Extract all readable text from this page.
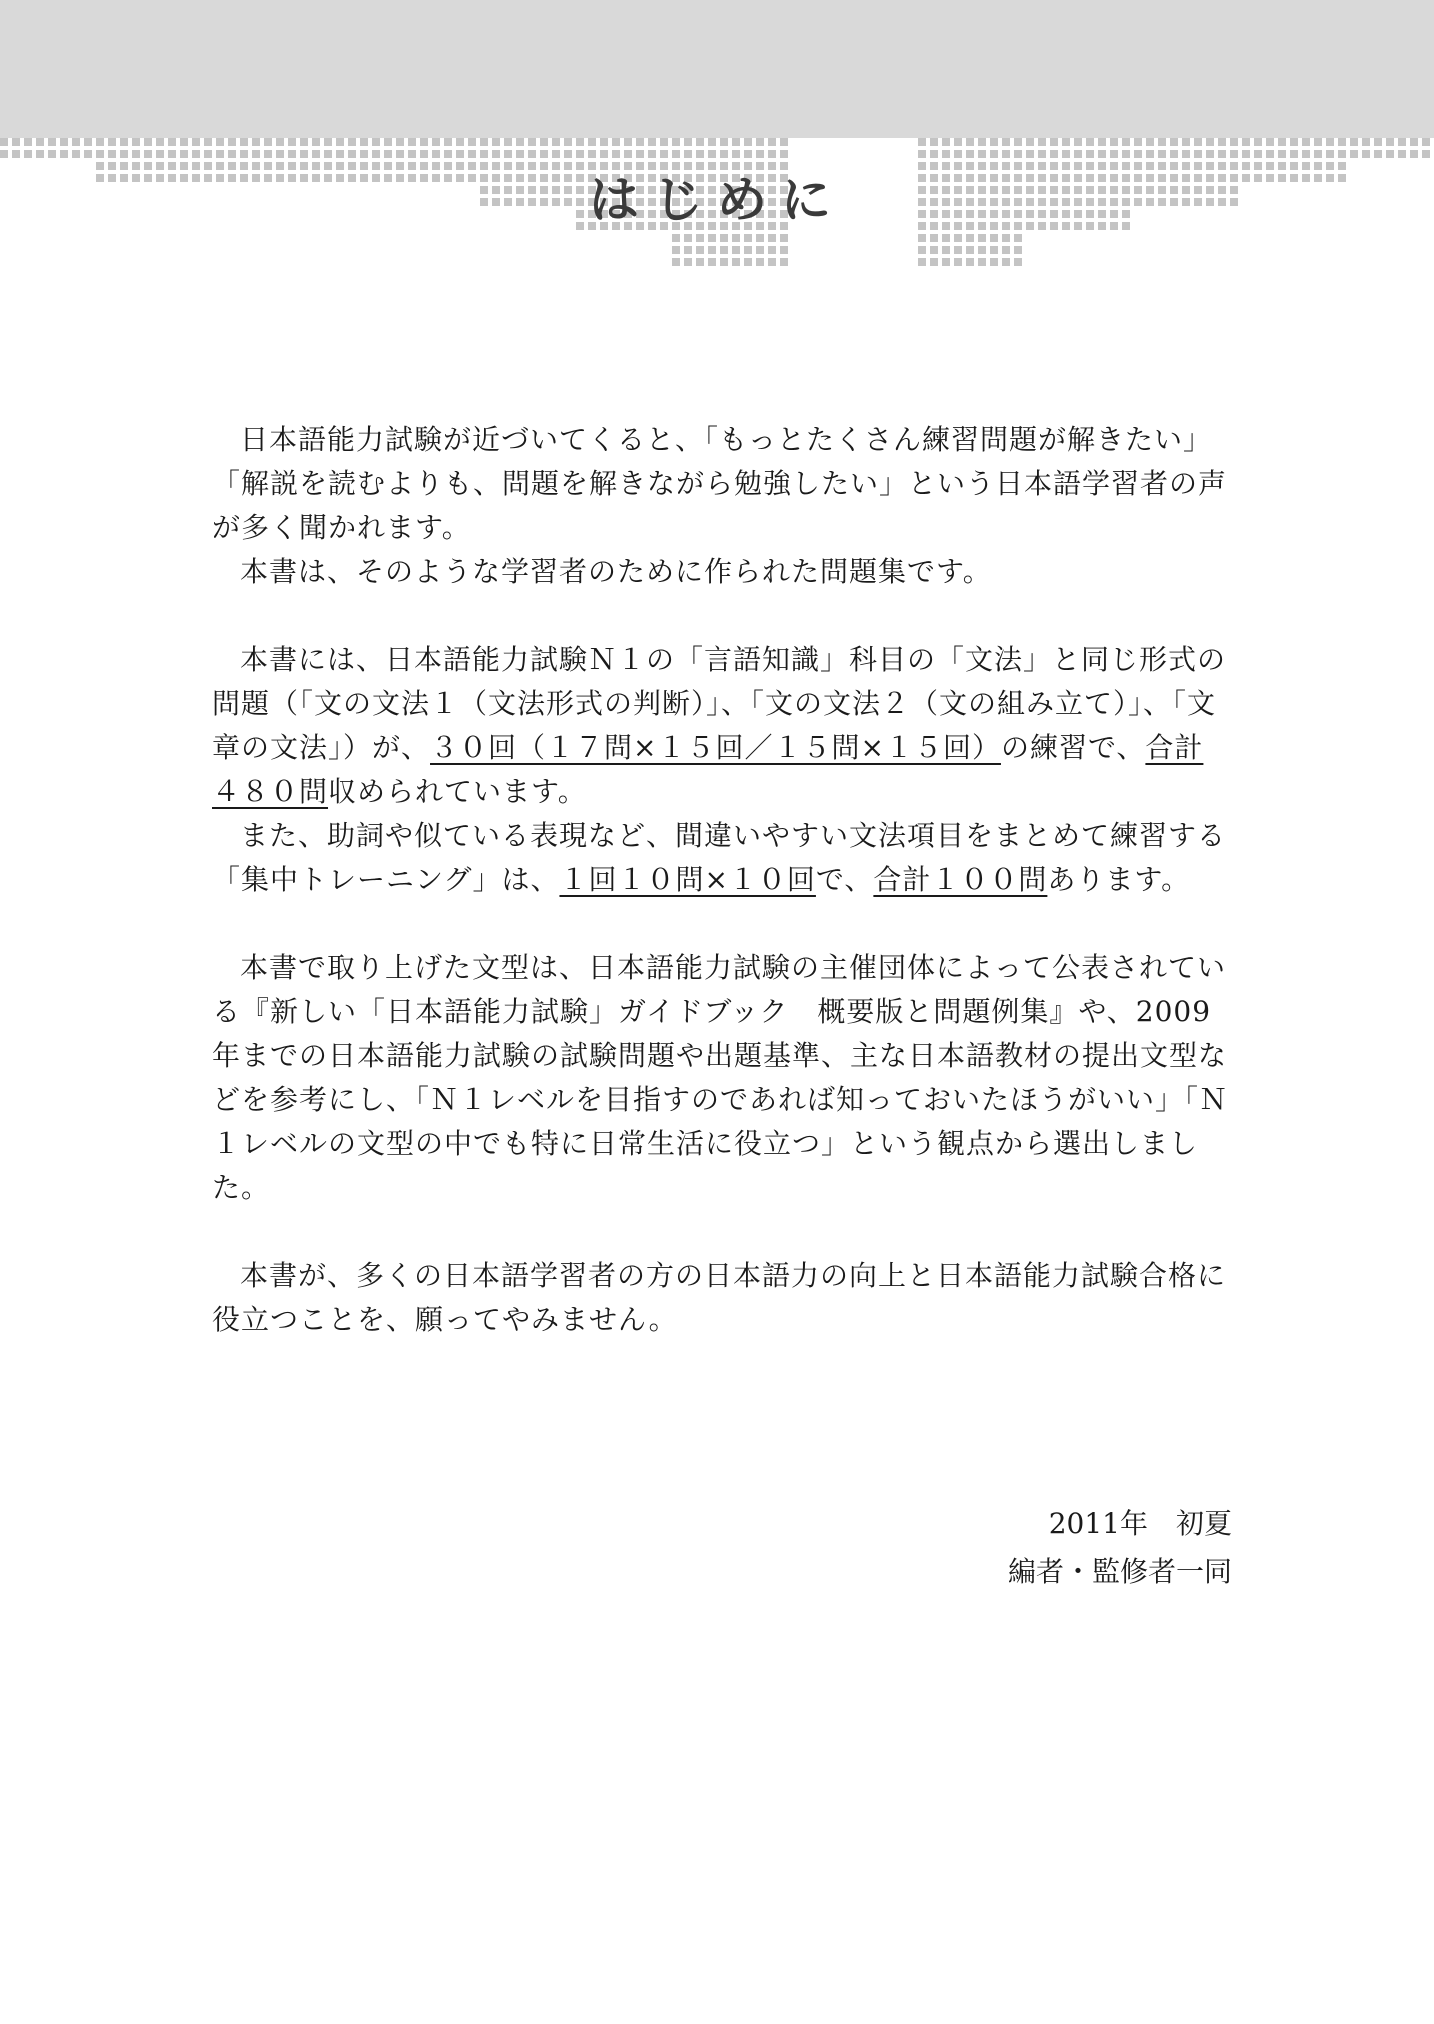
はじめに

日本語能力試験が近づいてくると、「もっとたくさん練習問題が解きたい」「解説を読むよりも、問題を解きながら勉強したい」という日本語学習者の声が多く聞かれます。

本書は、そのような学習者のために作られた問題集です。

本書には、日本語能力試験Ｎ１の「言語知識」科目の「文法」と同じ形式の問題（「文の文法１（文法形式の判断）」、「文の文法２（文の組み立て）」、「文章の文法」）が、３０回（１７問×１５回／１５問×１５回）の練習で、合計４８０問収められています。

また、助詞や似ている表現など、間違いやすい文法項目をまとめて練習する「集中トレーニング」は、１回１０問×１０回で、合計１００問あります。

本書で取り上げた文型は、日本語能力試験の主催団体によって公表されている『新しい「日本語能力試験」ガイドブック　概要版と問題例集』や、2009年までの日本語能力試験の試験問題や出題基準、主な日本語教材の提出文型などを参考にし、「Ｎ１レベルを目指すのであれば知っておいたほうがいい」「Ｎ１レベルの文型の中でも特に日常生活に役立つ」という観点から選出しました。

本書が、多くの日本語学習者の方の日本語力の向上と日本語能力試験合格に役立つことを、願ってやみません。

2011年　初夏
編者・監修者一同
